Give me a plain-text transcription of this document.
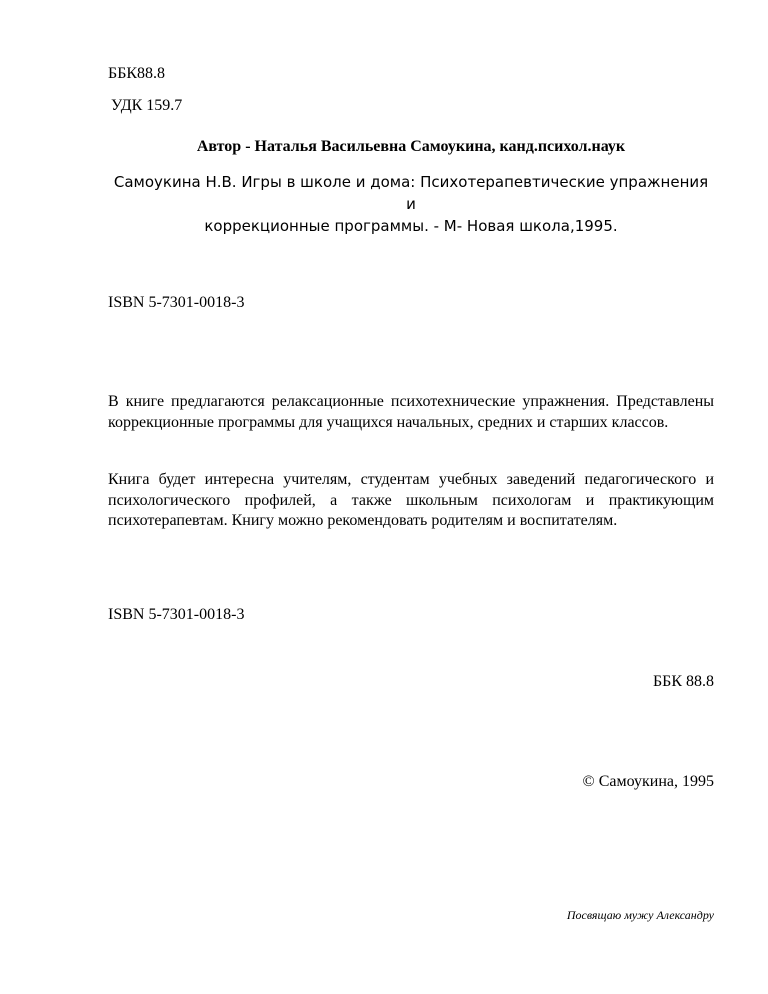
ББК88.8

УДК 159.7

Автор - Наталья Васильевна Самоукина, канд.психол.наук

Самоукина Н.В. Игры в школе и дома: Психотерапевтические упражнения и
коррекционные программы. - М- Новая школа,1995.

ISBN 5-7301-0018-3

В книге предлагаются релаксационные психотехнические упражнения. Представлены коррекционные программы для учащихся начальных, средних и старших классов.

Книга будет интересна учителям, студентам учебных заведений педагогического и психологического профилей, а также школьным психологам и практикующим психотерапевтам. Книгу можно рекомендовать родителям и воспитателям.

ISBN 5-7301-0018-3

ББК 88.8

© Самоукина, 1995

Посвящаю мужу Александру
